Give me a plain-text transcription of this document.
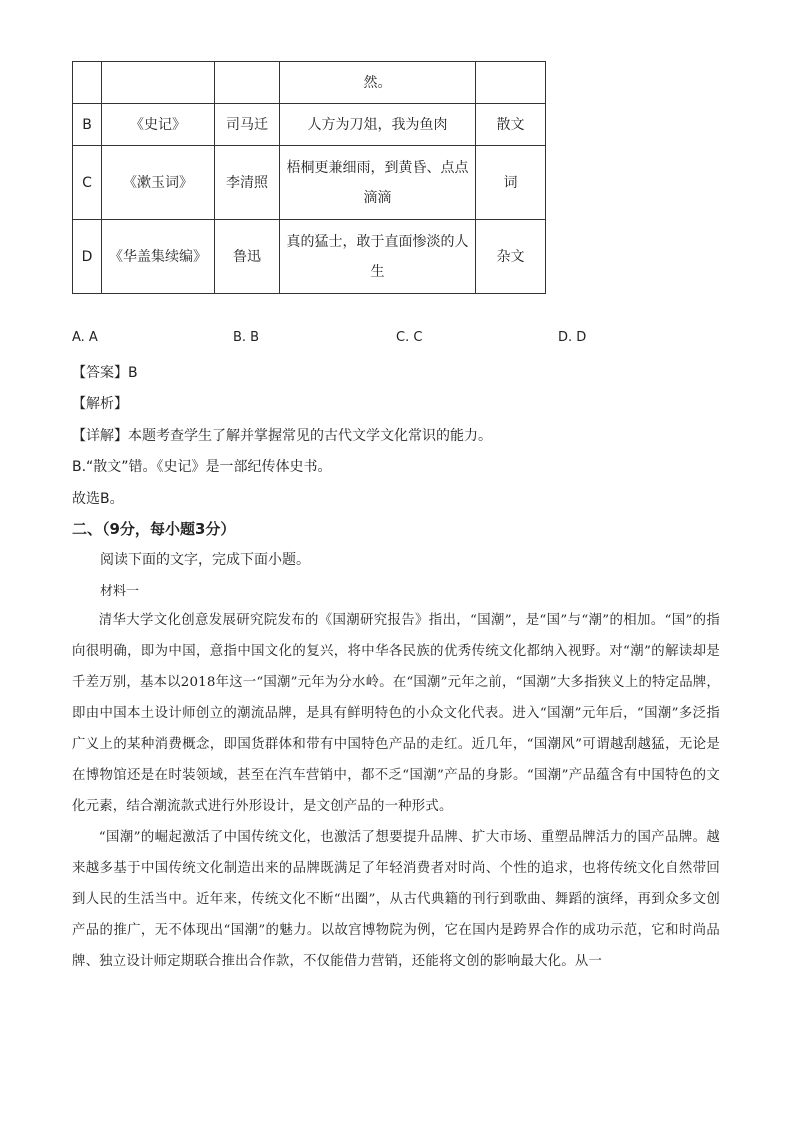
			然。	
B	《史记》	司马迁	人方为刀俎，我为鱼肉	散文
C	《漱玉词》	李清照	梧桐更兼细雨，到黄昏、点点滴滴	词
D	《华盖集续编》	鲁迅	真的猛士，敢于直面惨淡的人生	杂文
A. A	B. B	C. C	D. D
【答案】B
【解析】
【详解】本题考查学生了解并掌握常见的古代文学文化常识的能力。
B.“散文”错。《史记》是一部纪传体史书。
故选B。
二、（9分，每小题3分）
阅读下面的文字，完成下面小题。
材料一

清华大学文化创意发展研究院发布的《国潮研究报告》指出，“国潮”，是“国”与“潮”的相加。“国”的指向很明确，即为中国，意指中国文化的复兴，将中华各民族的优秀传统文化都纳入视野。对“潮”的解读却是千差万别，基本以2018年这一“国潮”元年为分水岭。在“国潮”元年之前，“国潮”大多指狭义上的特定品牌，即由中国本土设计师创立的潮流品牌，是具有鲜明特色的小众文化代表。进入“国潮”元年后，“国潮”多泛指广义上的某种消费概念，即国货群体和带有中国特色产品的走红。近几年，“国潮风”可谓越刮越猛，无论是在博物馆还是在时装领域，甚至在汽车营销中，都不乏“国潮”产品的身影。“国潮”产品蕴含有中国特色的文化元素，结合潮流款式进行外形设计，是文创产品的一种形式。

“国潮”的崛起激活了中国传统文化，也激活了想要提升品牌、扩大市场、重塑品牌活力的国产品牌。越来越多基于中国传统文化制造出来的品牌既满足了年轻消费者对时尚、个性的追求，也将传统文化自然带回到人民的生活当中。近年来，传统文化不断“出圈”，从古代典籍的刊行到歌曲、舞蹈的演绎，再到众多文创产品的推广，无不体现出“国潮”的魅力。以故宫博物院为例，它在国内是跨界合作的成功示范，它和时尚品牌、独立设计师定期联合推出合作款，不仅能借力营销，还能将文创的影响最大化。从一
